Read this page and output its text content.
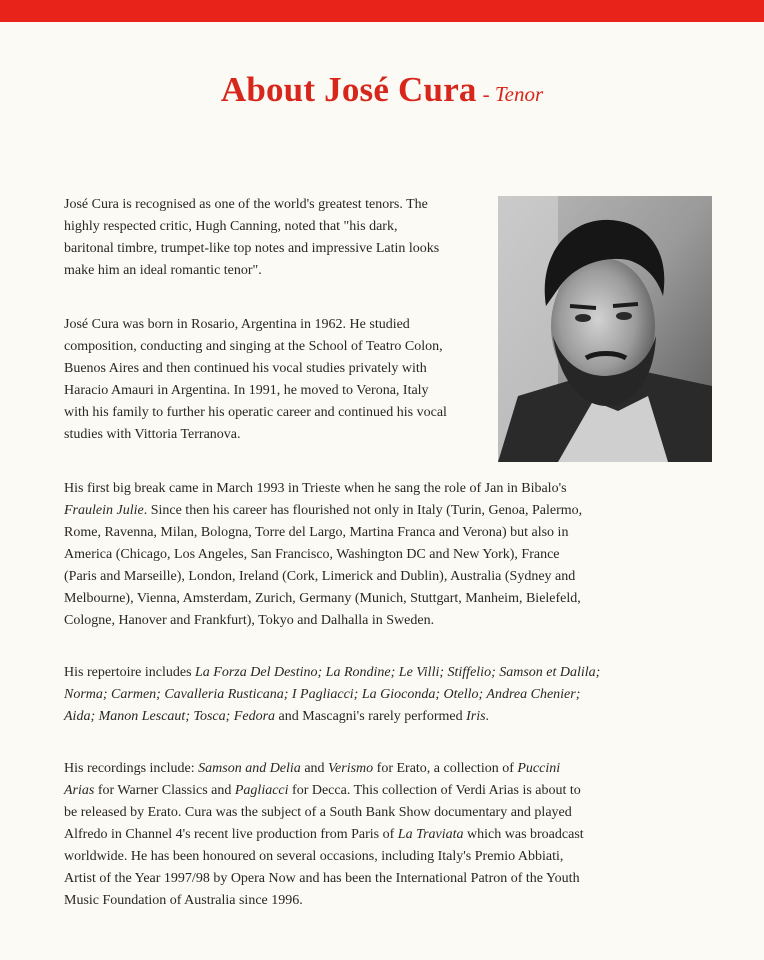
About José Cura - Tenor

José Cura is recognised as one of the world's greatest tenors. The
highly respected critic, Hugh Canning, noted that "his dark,
baritonal timbre, trumpet-like top notes and impressive Latin looks
make him an ideal romantic tenor".

José Cura was born in Rosario, Argentina in 1962. He studied
composition, conducting and singing at the School of Teatro Colon,
Buenos Aires and then continued his vocal studies privately with
Haracio Amauri in Argentina. In 1991, he moved to Verona, Italy
with his family to further his operatic career and continued his vocal
studies with Vittoria Terranova.

His first big break came in March 1993 in Trieste when he sang the role of Jan in Bibalo's
Fraulein Julie. Since then his career has flourished not only in Italy (Turin, Genoa, Palermo,
Rome, Ravenna, Milan, Bologna, Torre del Largo, Martina Franca and Verona) but also in
America (Chicago, Los Angeles, San Francisco, Washington DC and New York), France
(Paris and Marseille), London, Ireland (Cork, Limerick and Dublin), Australia (Sydney and
Melbourne), Vienna, Amsterdam, Zurich, Germany (Munich, Stuttgart, Manheim, Bielefeld,
Cologne, Hanover and Frankfurt), Tokyo and Dalhalla in Sweden.

His repertoire includes La Forza Del Destino; La Rondine; Le Villi; Stiffelio; Samson et Dalila;
Norma; Carmen; Cavalleria Rusticana; I Pagliacci; La Gioconda; Otello; Andrea Chenier;
Aida; Manon Lescaut; Tosca; Fedora and Mascagni's rarely performed Iris.

His recordings include: Samson and Delia and Verismo for Erato, a collection of Puccini
Arias for Warner Classics and Pagliacci for Decca. This collection of Verdi Arias is about to
be released by Erato. Cura was the subject of a South Bank Show documentary and played
Alfredo in Channel 4's recent live production from Paris of La Traviata which was broadcast
worldwide. He has been honoured on several occasions, including Italy's Premio Abbiati,
Artist of the Year 1997/98 by Opera Now and has been the International Patron of the Youth
Music Foundation of Australia since 1996.
